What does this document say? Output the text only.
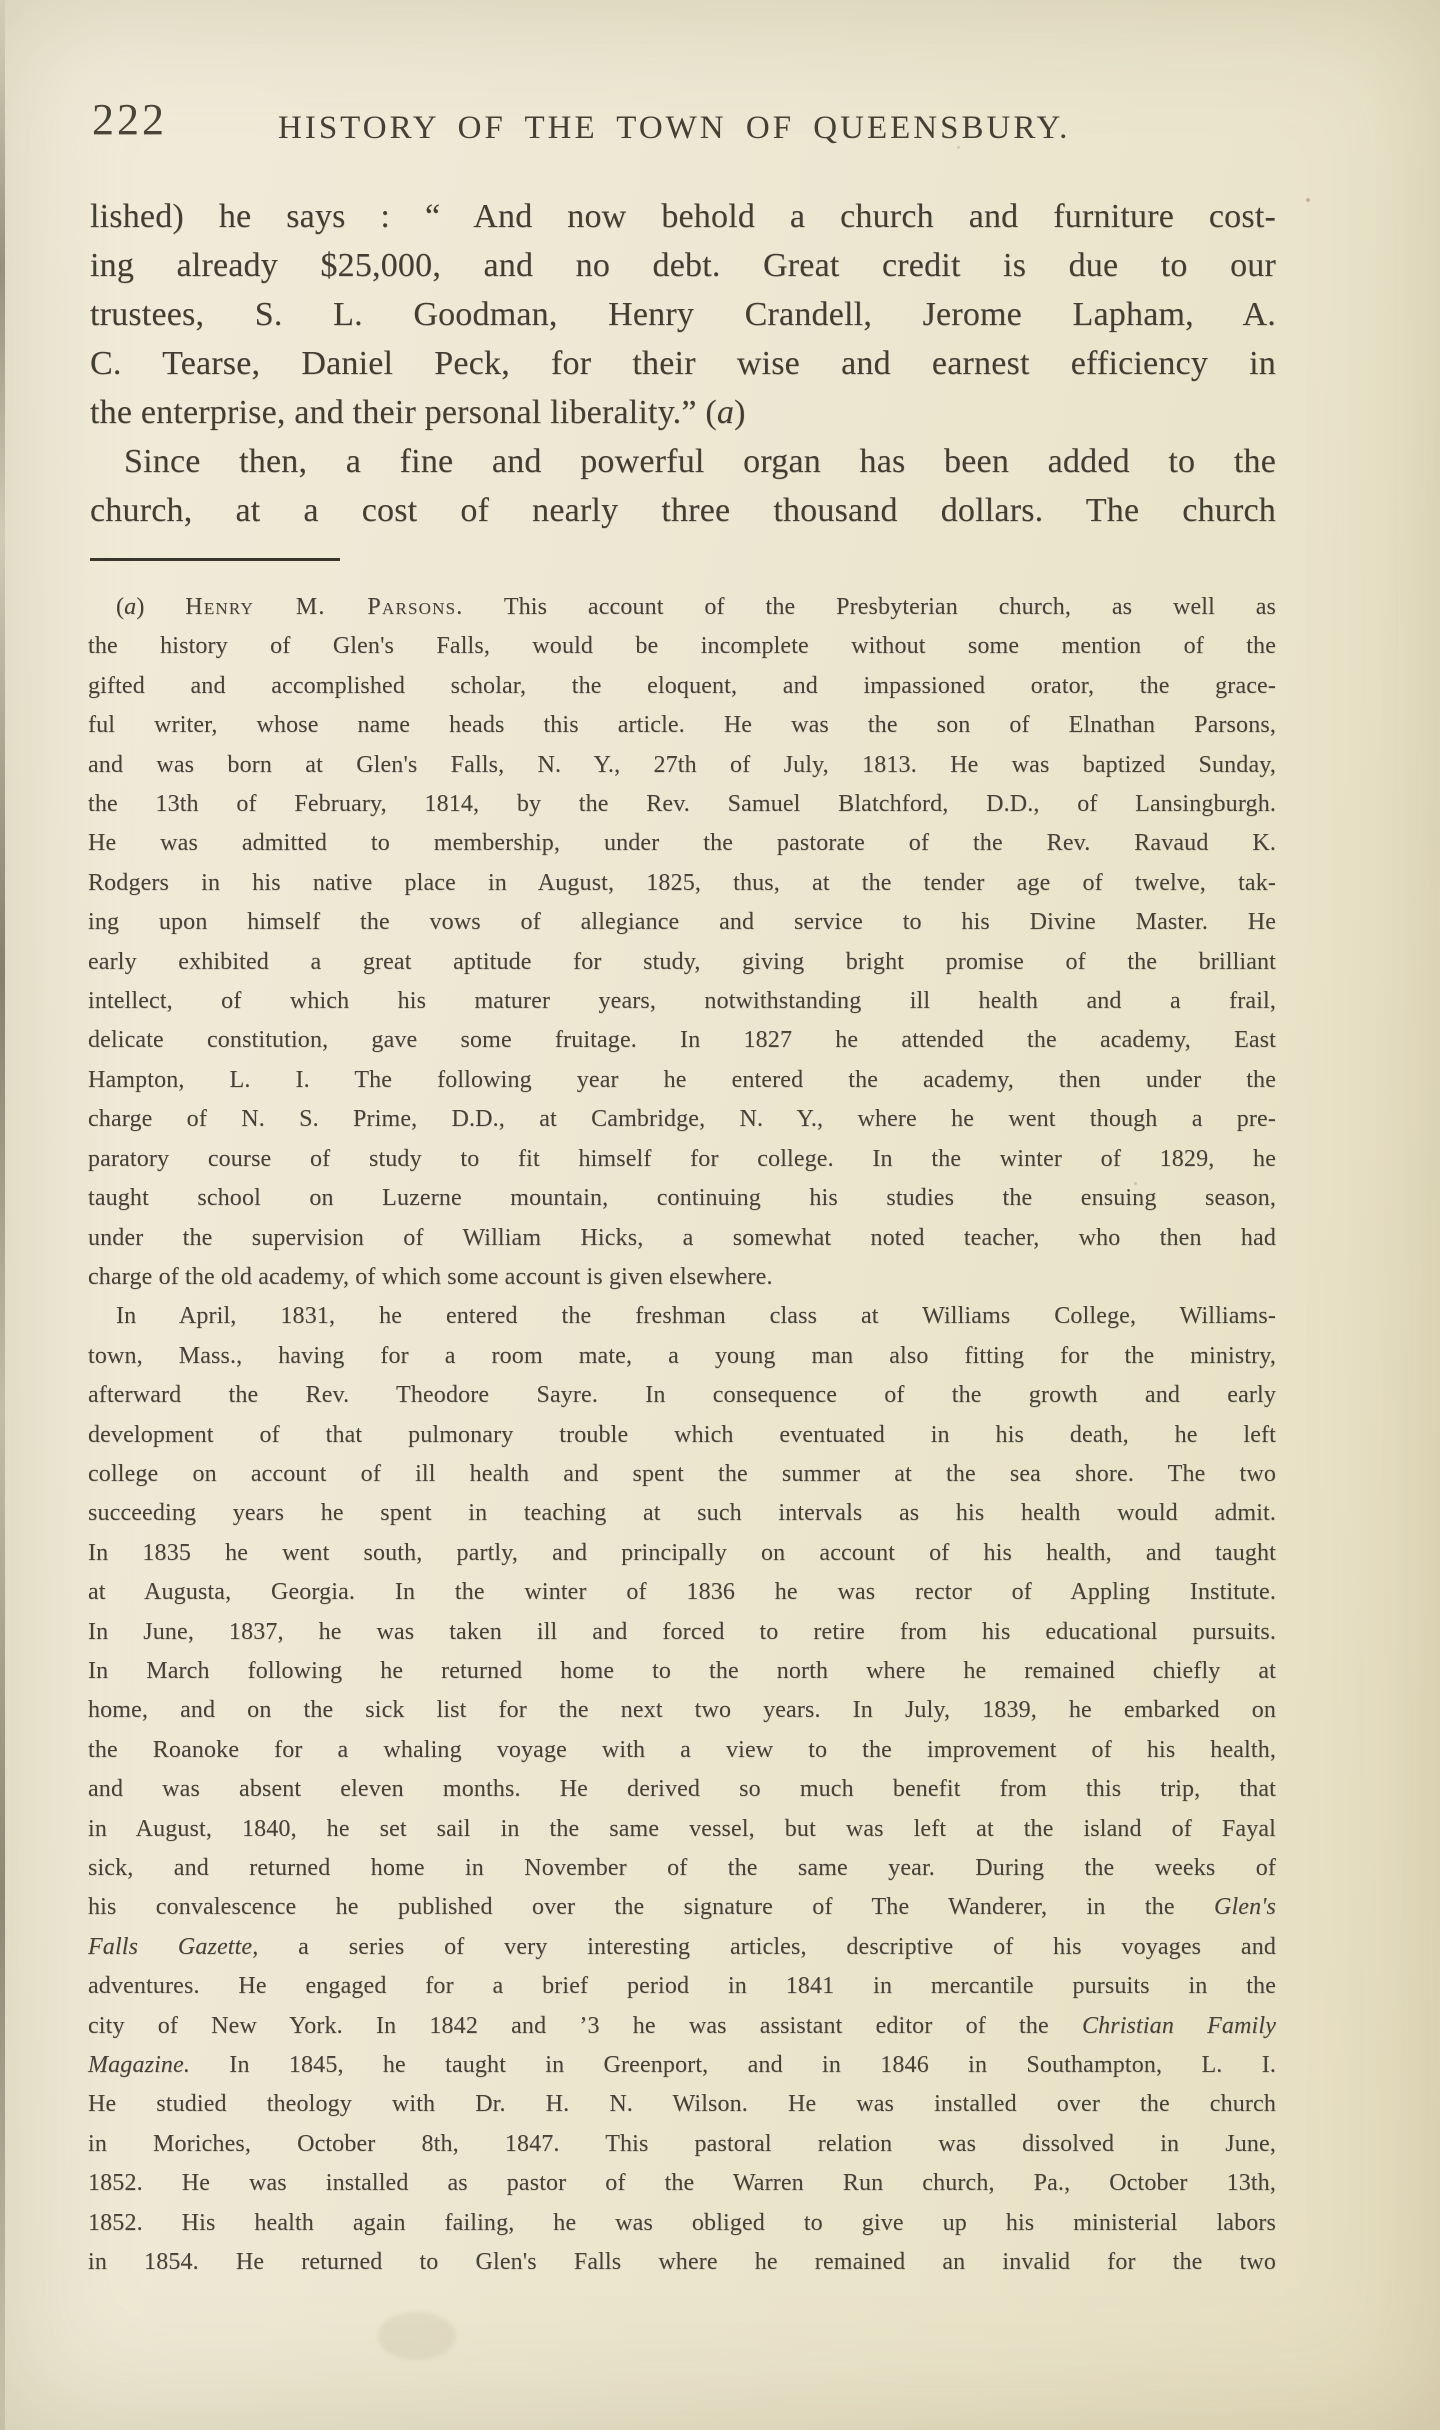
222	HISTORY OF THE TOWN OF QUEENSBURY.
lished) he says : “ And now behold a church and furniture cost-
ing already $25,000, and no debt. Great credit is due to our
trustees, S. L. Goodman, Henry Crandell, Jerome Lapham, A.
C. Tearse, Daniel Peck, for their wise and earnest efficiency in
the enterprise, and their personal liberality.” (a)
Since then, a fine and powerful organ has been added to the
church, at a cost of nearly three thousand dollars. The church
(a) Henry M. Parsons. This account of the Presbyterian church, as well as
the history of Glen's Falls, would be incomplete without some mention of the
gifted and accomplished scholar, the eloquent, and impassioned orator, the grace-
ful writer, whose name heads this article. He was the son of Elnathan Parsons,
and was born at Glen's Falls, N. Y., 27th of July, 1813. He was baptized Sunday,
the 13th of February, 1814, by the Rev. Samuel Blatchford, D.D., of Lansingburgh.
He was admitted to membership, under the pastorate of the Rev. Ravaud K.
Rodgers in his native place in August, 1825, thus, at the tender age of twelve, tak-
ing upon himself the vows of allegiance and service to his Divine Master. He
early exhibited a great aptitude for study, giving bright promise of the brilliant
intellect, of which his maturer years, notwithstanding ill health and a frail,
delicate constitution, gave some fruitage. In 1827 he attended the academy, East
Hampton, L. I. The following year he entered the academy, then under the
charge of N. S. Prime, D.D., at Cambridge, N. Y., where he went though a pre-
paratory course of study to fit himself for college. In the winter of 1829, he
taught school on Luzerne mountain, continuing his studies the ensuing season,
under the supervision of William Hicks, a somewhat noted teacher, who then had
charge of the old academy, of which some account is given elsewhere.
In April, 1831, he entered the freshman class at Williams College, Williams-
town, Mass., having for a room mate, a young man also fitting for the ministry,
afterward the Rev. Theodore Sayre. In consequence of the growth and early
development of that pulmonary trouble which eventuated in his death, he left
college on account of ill health and spent the summer at the sea shore. The two
succeeding years he spent in teaching at such intervals as his health would admit.
In 1835 he went south, partly, and principally on account of his health, and taught
at Augusta, Georgia. In the winter of 1836 he was rector of Appling Institute.
In June, 1837, he was taken ill and forced to retire from his educational pursuits.
In March following he returned home to the north where he remained chiefly at
home, and on the sick list for the next two years. In July, 1839, he embarked on
the Roanoke for a whaling voyage with a view to the improvement of his health,
and was absent eleven months. He derived so much benefit from this trip, that
in August, 1840, he set sail in the same vessel, but was left at the island of Fayal
sick, and returned home in November of the same year. During the weeks of
his convalescence he published over the signature of The Wanderer, in the Glen's
Falls Gazette, a series of very interesting articles, descriptive of his voyages and
adventures. He engaged for a brief period in 1841 in mercantile pursuits in the
city of New York. In 1842 and ’3 he was assistant editor of the Christian Family
Magazine. In 1845, he taught in Greenport, and in 1846 in Southampton, L. I.
He studied theology with Dr. H. N. Wilson. He was installed over the church
in Moriches, October 8th, 1847. This pastoral relation was dissolved in June,
1852. He was installed as pastor of the Warren Run church, Pa., October 13th,
1852. His health again failing, he was obliged to give up his ministerial labors
in 1854. He returned to Glen's Falls where he remained an invalid for the two
